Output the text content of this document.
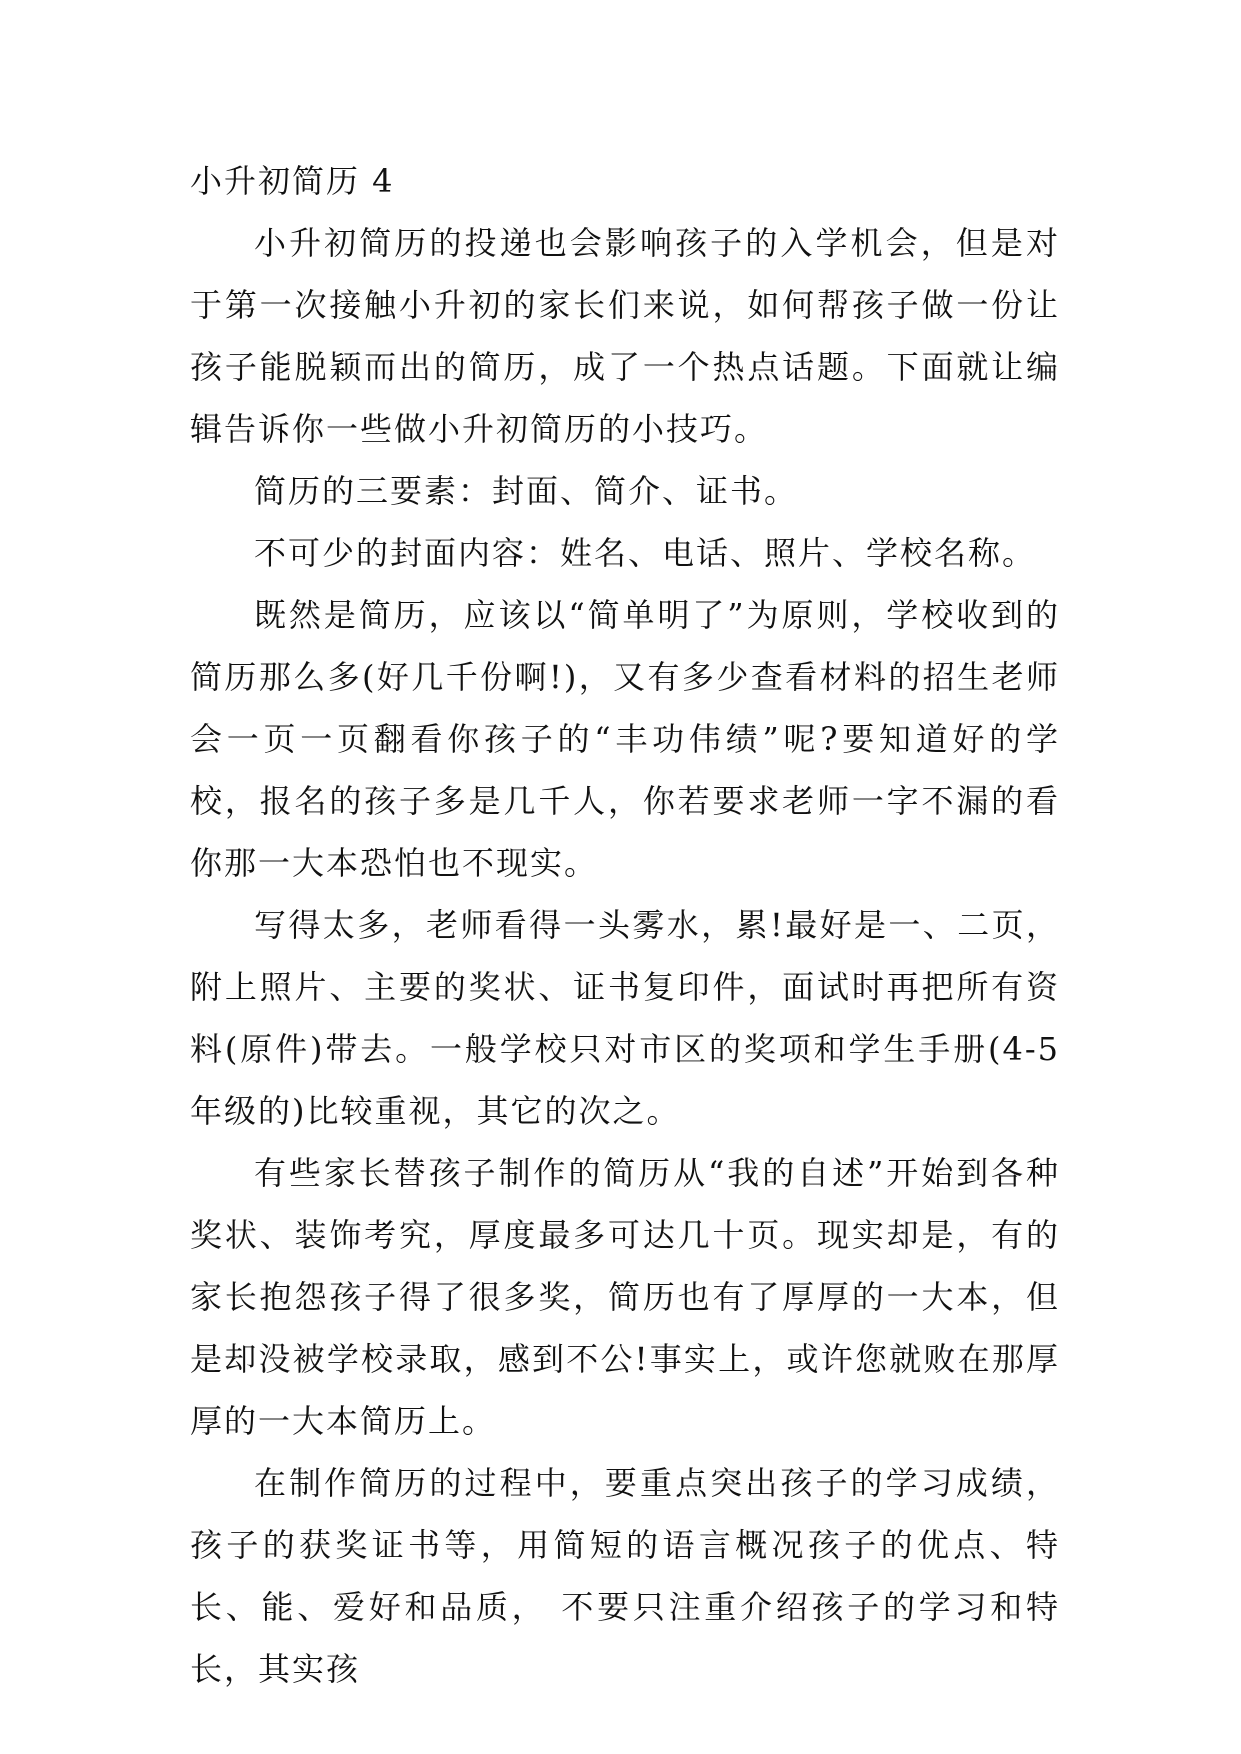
小升初简历 4

小升初简历的投递也会影响孩子的入学机会，但是对于第一次接触小升初的家长们来说，如何帮孩子做一份让孩子能脱颖而出的简历，成了一个热点话题。下面就让编辑告诉你一些做小升初简历的小技巧。

简历的三要素：封面、简介、证书。

不可少的封面内容：姓名、电话、照片、学校名称。

既然是简历，应该以“简单明了”为原则，学校收到的简历那么多(好几千份啊!)，又有多少查看材料的招生老师会一页一页翻看你孩子的“丰功伟绩”呢?要知道好的学校，报名的孩子多是几千人，你若要求老师一字不漏的看你那一大本恐怕也不现实。

写得太多，老师看得一头雾水，累!最好是一、二页，附上照片、主要的奖状、证书复印件，面试时再把所有资料(原件)带去。一般学校只对市区的奖项和学生手册(4-5 年级的)比较重视，其它的次之。

有些家长替孩子制作的简历从“我的自述”开始到各种奖状、装饰考究，厚度最多可达几十页。现实却是，有的家长抱怨孩子得了很多奖，简历也有了厚厚的一大本，但是却没被学校录取，感到不公!事实上，或许您就败在那厚厚的一大本简历上。

在制作简历的过程中，要重点突出孩子的学习成绩，孩子的获奖证书等，用简短的语言概况孩子的优点、特长、能、爱好和品质， 不要只注重介绍孩子的学习和特长，其实孩
